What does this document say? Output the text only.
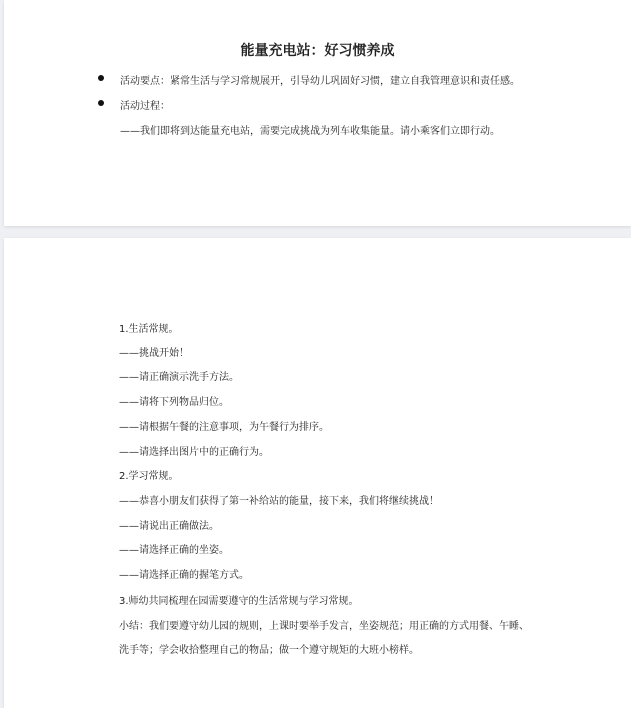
能量充电站：好习惯养成
活动要点：紧常生活与学习常规展开，引导幼儿巩固好习惯，建立自我管理意识和责任感。
活动过程：
——我们即将到达能量充电站，需要完成挑战为列车收集能量。请小乘客们立即行动。
1.生活常规。
——挑战开始！
——请正确演示洗手方法。
——请将下列物品归位。
——请根据午餐的注意事项，为午餐行为排序。
——请选择出图片中的正确行为。
2.学习常规。
——恭喜小朋友们获得了第一补给站的能量，接下来，我们将继续挑战！
——请说出正确做法。
——请选择正确的坐姿。
——请选择正确的握笔方式。
3.师幼共同梳理在园需要遵守的生活常规与学习常规。
小结：我们要遵守幼儿园的规则，上课时要举手发言，坐姿规范；用正确的方式用餐、午睡、
洗手等；学会收拾整理自己的物品；做一个遵守规矩的大班小榜样。
